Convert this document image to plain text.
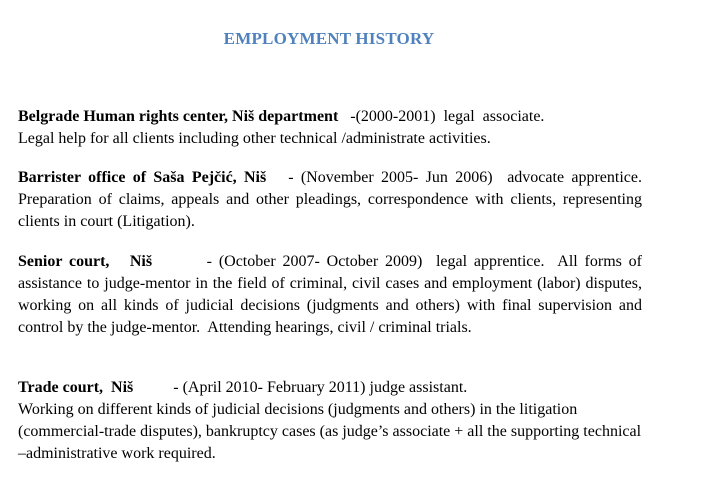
EMPLOYMENT HISTORY
Belgrade Human rights center, Niš department   -(2000-2001)  legal  associate.
Legal help for all clients including other technical /administrate activities.
Barrister office of Saša Pejčić, Niš   - (November 2005- Jun 2006)  advocate apprentice.  Preparation of claims, appeals and other pleadings, correspondence with clients, representing clients in court (Litigation).
Senior court,   Niš        - (October 2007- October 2009)  legal apprentice.  All forms of assistance to judge-mentor in the field of criminal, civil cases and employment (labor) disputes, working on all kinds of judicial decisions (judgments and others) with final supervision and control by the judge-mentor.  Attending hearings, civil / criminal trials.
Trade court,  Niš          - (April 2010- February 2011) judge assistant.
Working on different kinds of judicial decisions (judgments and others) in the litigation (commercial-trade disputes), bankruptcy cases (as judge’s associate + all the supporting technical –administrative work required.
